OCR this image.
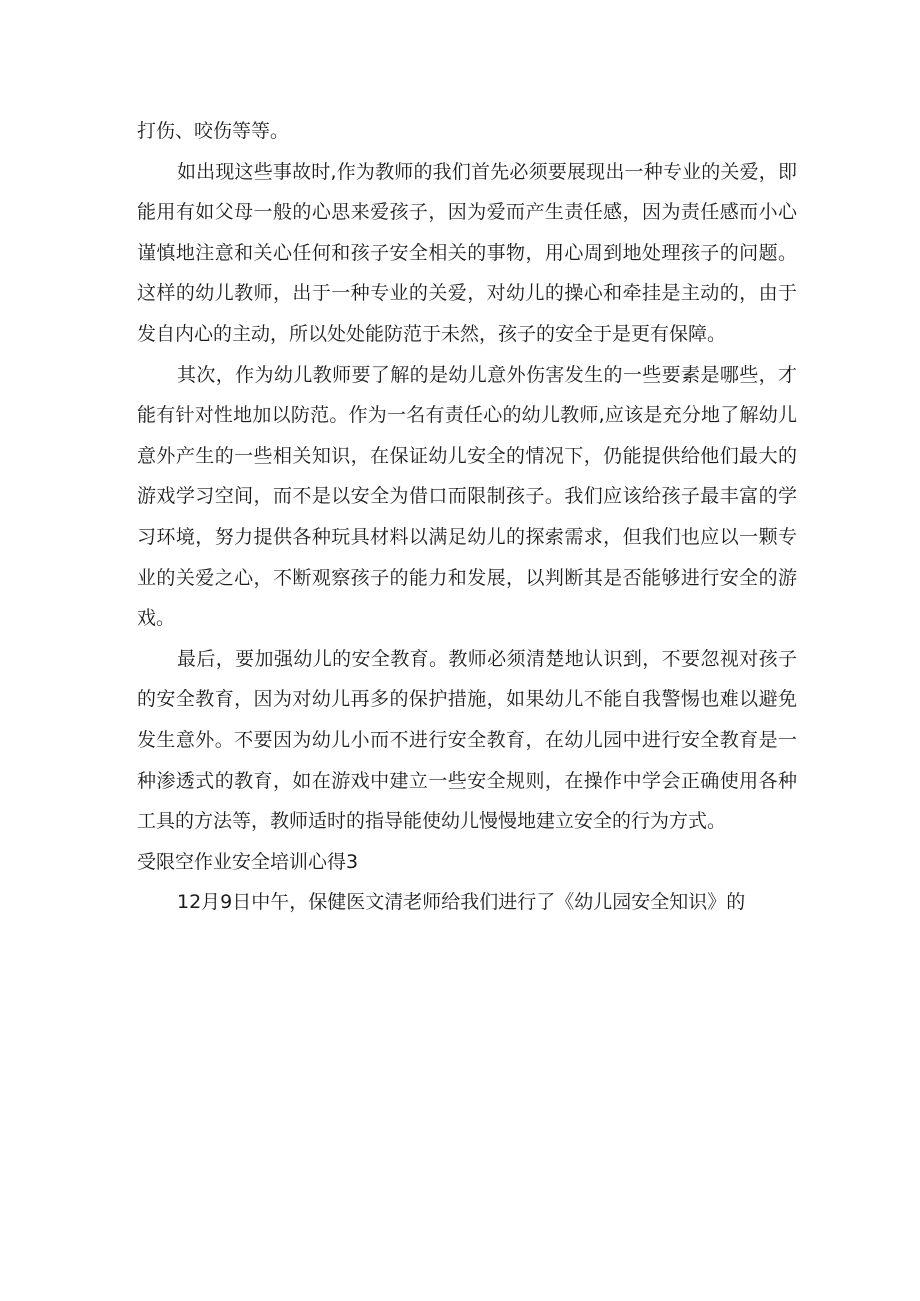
打伤、咬伤等等。

如出现这些事故时,作为教师的我们首先必须要展现出一种专业的关爱，即能用有如父母一般的心思来爱孩子，因为爱而产生责任感，因为责任感而小心谨慎地注意和关心任何和孩子安全相关的事物，用心周到地处理孩子的问题。这样的幼儿教师，出于一种专业的关爱，对幼儿的操心和牵挂是主动的，由于发自内心的主动，所以处处能防范于未然，孩子的安全于是更有保障。

其次，作为幼儿教师要了解的是幼儿意外伤害发生的一些要素是哪些，才能有针对性地加以防范。作为一名有责任心的幼儿教师,应该是充分地了解幼儿意外产生的一些相关知识，在保证幼儿安全的情况下，仍能提供给他们最大的游戏学习空间，而不是以安全为借口而限制孩子。我们应该给孩子最丰富的学习环境，努力提供各种玩具材料以满足幼儿的探索需求，但我们也应以一颗专业的关爱之心，不断观察孩子的能力和发展，以判断其是否能够进行安全的游戏。

最后，要加强幼儿的安全教育。教师必须清楚地认识到，不要忽视对孩子的安全教育，因为对幼儿再多的保护措施，如果幼儿不能自我警惕也难以避免发生意外。不要因为幼儿小而不进行安全教育，在幼儿园中进行安全教育是一种渗透式的教育，如在游戏中建立一些安全规则，在操作中学会正确使用各种工具的方法等，教师适时的指导能使幼儿慢慢地建立安全的行为方式。

受限空作业安全培训心得3

12月9日中午，保健医文清老师给我们进行了《幼儿园安全知识》的
